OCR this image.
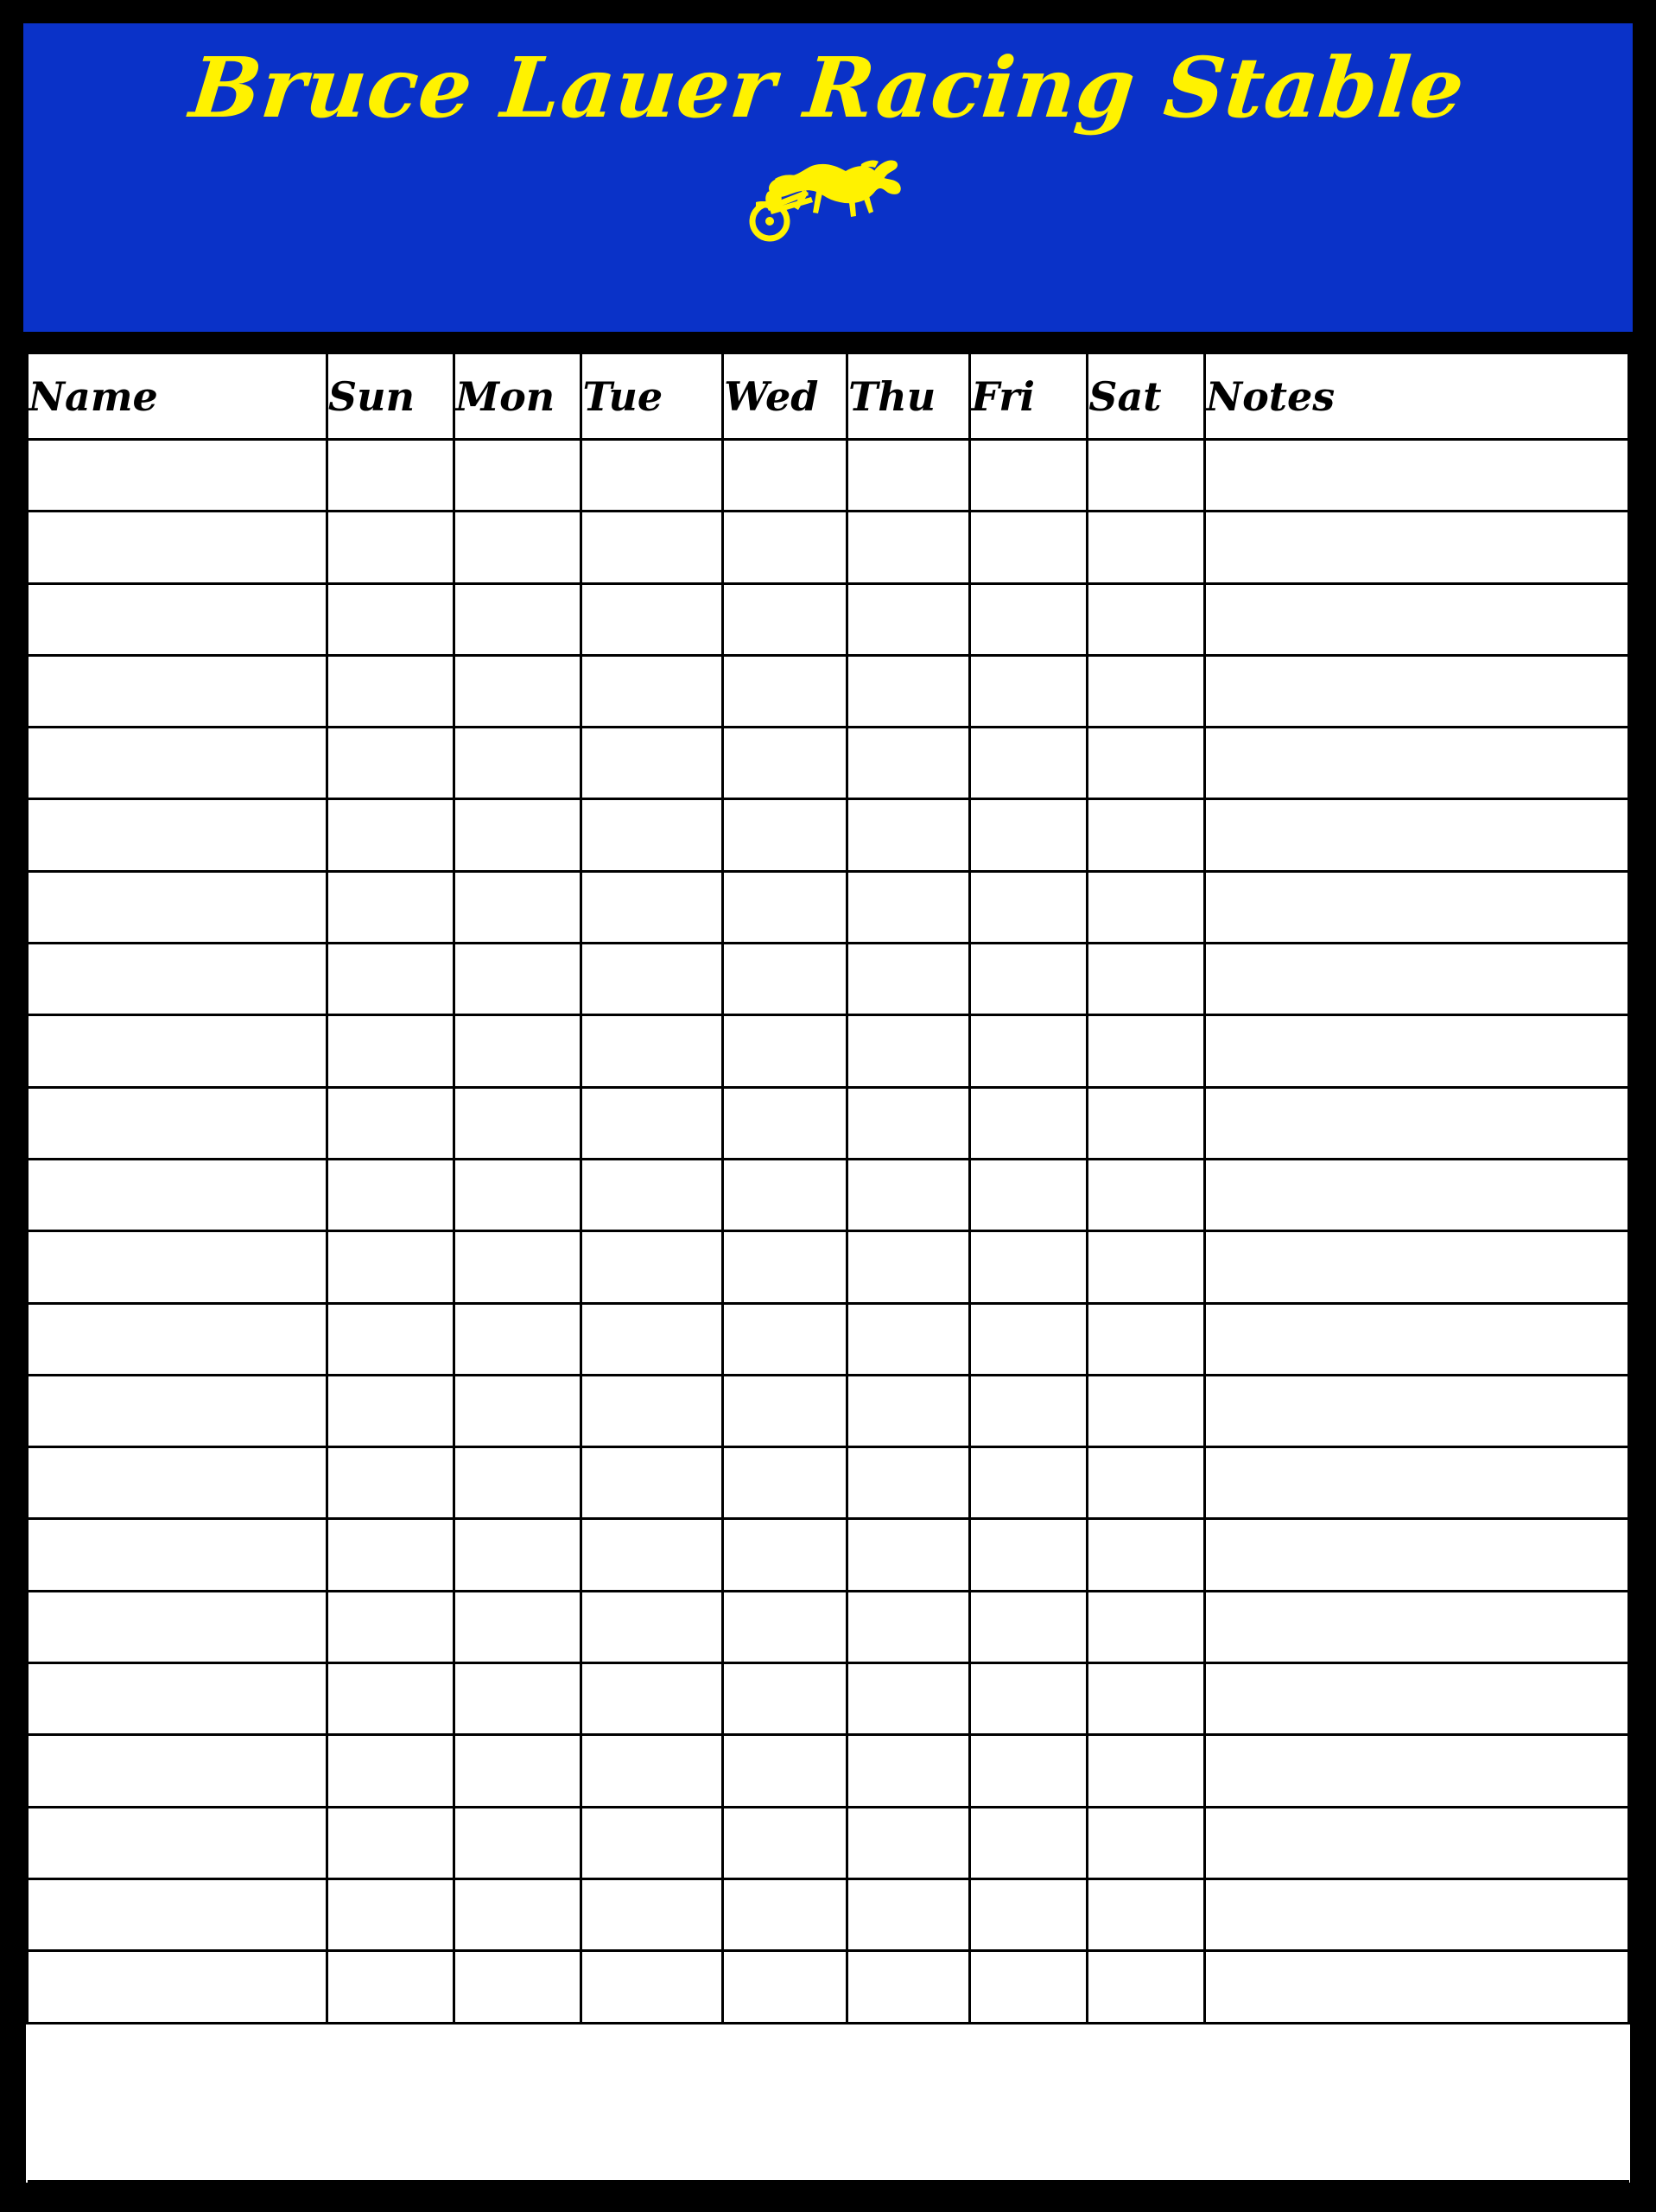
Bruce Lauer Racing Stable
Name	Sun	Mon	Tue	Wed	Thu	Fri	Sat	Notes
